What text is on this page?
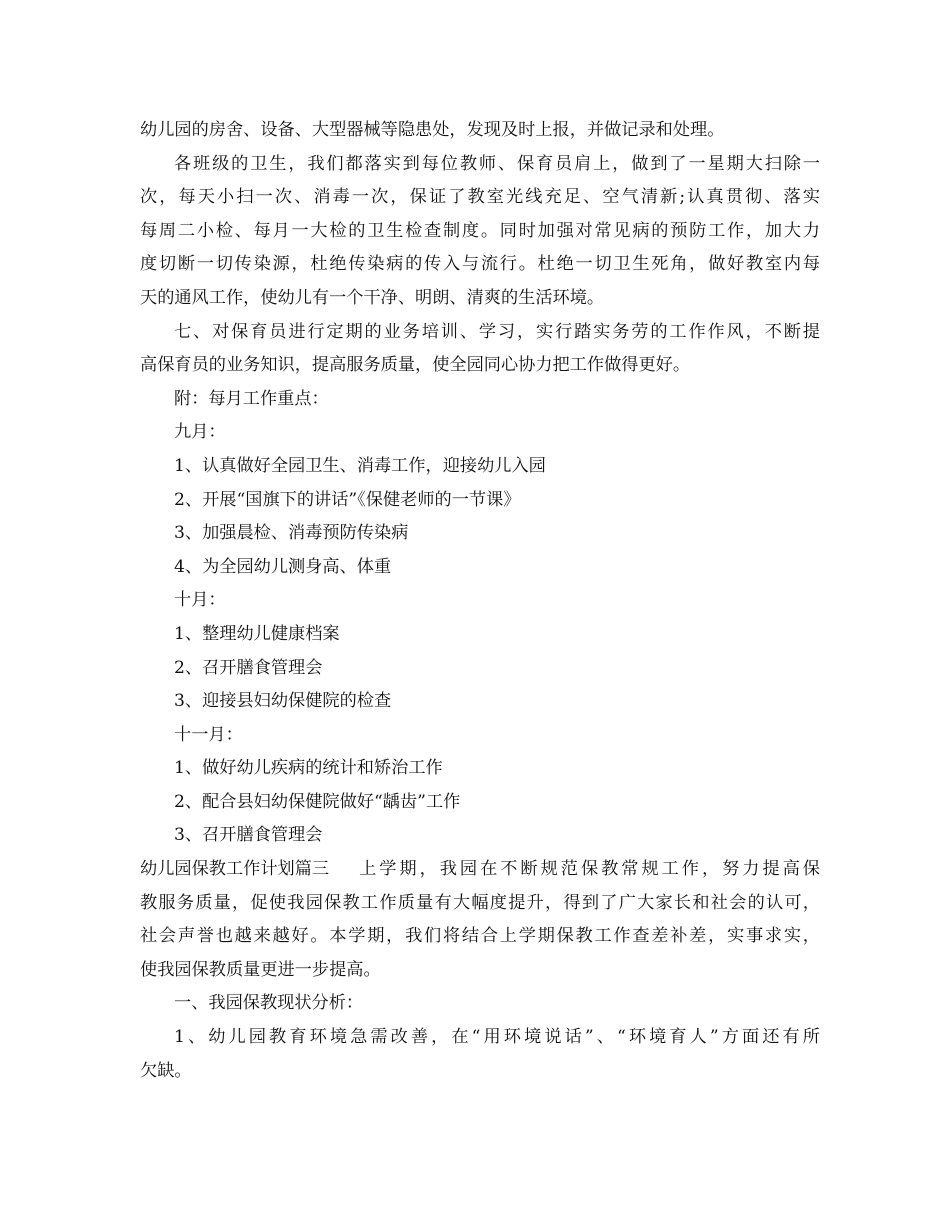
幼儿园的房舍、设备、大型器械等隐患处，发现及时上报，并做记录和处理。
各班级的卫生，我们都落实到每位教师、保育员肩上，做到了一星期大扫除一
次，每天小扫一次、消毒一次，保证了教室光线充足、空气清新;认真贯彻、落实
每周二小检、每月一大检的卫生检查制度。同时加强对常见病的预防工作，加大力
度切断一切传染源，杜绝传染病的传入与流行。杜绝一切卫生死角，做好教室内每
天的通风工作，使幼儿有一个干净、明朗、清爽的生活环境。
七、对保育员进行定期的业务培训、学习，实行踏实务劳的工作作风，不断提
高保育员的业务知识，提高服务质量，使全园同心协力把工作做得更好。
附：每月工作重点：
九月：
1、认真做好全园卫生、消毒工作，迎接幼儿入园
2、开展“国旗下的讲话”《保健老师的一节课》
3、加强晨检、消毒预防传染病
4、为全园幼儿测身高、体重
十月：
1、整理幼儿健康档案
2、召开膳食管理会
3、迎接县妇幼保健院的检查
十一月：
1、做好幼儿疾病的统计和矫治工作
2、配合县妇幼保健院做好“龋齿”工作
3、召开膳食管理会
幼儿园保教工作计划篇三 上学期，我园在不断规范保教常规工作，努力提高保
教服务质量，促使我园保教工作质量有大幅度提升，得到了广大家长和社会的认可，
社会声誉也越来越好。本学期，我们将结合上学期保教工作查差补差，实事求实，
使我园保教质量更进一步提高。
一、我园保教现状分析：
1、幼儿园教育环境急需改善，在“用环境说话”、“环境育人”方面还有所
欠缺。
